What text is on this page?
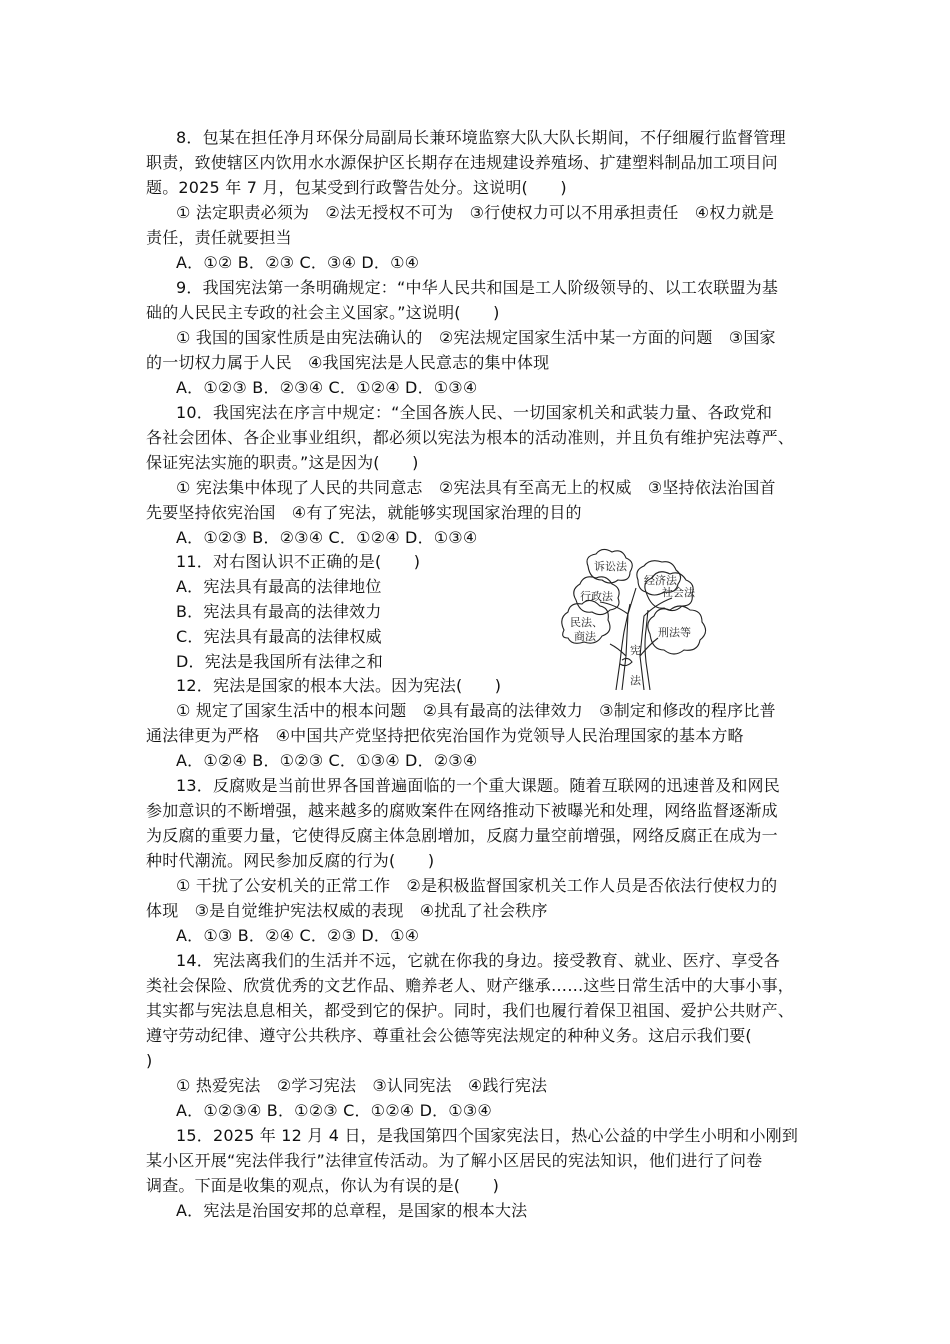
8．包某在担任净月环保分局副局长兼环境监察大队大队长期间，不仔细履行监督管理
职责，致使辖区内饮用水水源保护区长期存在违规建设养殖场、扩建塑料制品加工项目问
题。2025 年 7 月，包某受到行政警告处分。这说明(　　)
① 法定职责必须为　②法无授权不可为　③行使权力可以不用承担责任　④权力就是
责任，责任就要担当
A．①② B．②③ C．③④ D．①④
9．我国宪法第一条明确规定：“中华人民共和国是工人阶级领导的、以工农联盟为基
础的人民民主专政的社会主义国家。”这说明(　　)
① 我国的国家性质是由宪法确认的　②宪法规定国家生活中某一方面的问题　③国家
的一切权力属于人民　④我国宪法是人民意志的集中体现
A．①②③ B．②③④ C．①②④ D．①③④
10．我国宪法在序言中规定：“全国各族人民、一切国家机关和武装力量、各政党和
各社会团体、各企业事业组织，都必须以宪法为根本的活动准则，并且负有维护宪法尊严、
保证宪法实施的职责。”这是因为(　　)
① 宪法集中体现了人民的共同意志　②宪法具有至高无上的权威　③坚持依法治国首
先要坚持依宪治国　④有了宪法，就能够实现国家治理的目的
A．①②③ B．②③④ C．①②④ D．①③④
11．对右图认识不正确的是(　　)
A．宪法具有最高的法律地位
B．宪法具有最高的法律效力
C．宪法具有最高的法律权威
D．宪法是我国所有法律之和
诉讼法
经济法
行政法	社会法
民法、
商法	刑法等
宪
法
12．宪法是国家的根本大法。因为宪法(　　)
① 规定了国家生活中的根本问题　②具有最高的法律效力　③制定和修改的程序比普
通法律更为严格　④中国共产党坚持把依宪治国作为党领导人民治理国家的基本方略
A．①②④ B．①②③ C．①③④ D．②③④
13．反腐败是当前世界各国普遍面临的一个重大课题。随着互联网的迅速普及和网民
参加意识的不断增强，越来越多的腐败案件在网络推动下被曝光和处理，网络监督逐渐成
为反腐的重要力量，它使得反腐主体急剧增加，反腐力量空前增强，网络反腐正在成为一
种时代潮流。网民参加反腐的行为(　　)
① 干扰了公安机关的正常工作　②是积极监督国家机关工作人员是否依法行使权力的
体现　③是自觉维护宪法权威的表现　④扰乱了社会秩序
A．①③ B．②④ C．②③ D．①④
14．宪法离我们的生活并不远，它就在你我的身边。接受教育、就业、医疗、享受各
类社会保险、欣赏优秀的文艺作品、赡养老人、财产继承……这些日常生活中的大事小事，
其实都与宪法息息相关，都受到它的保护。同时，我们也履行着保卫祖国、爱护公共财产、
遵守劳动纪律、遵守公共秩序、尊重社会公德等宪法规定的种种义务。这启示我们要(
)
① 热爱宪法　②学习宪法　③认同宪法　④践行宪法
A．①②③④ B．①②③ C．①②④ D．①③④
15．2025 年 12 月 4 日，是我国第四个国家宪法日，热心公益的中学生小明和小刚到
某小区开展“宪法伴我行”法律宣传活动。为了解小区居民的宪法知识，他们进行了问卷
调查。下面是收集的观点，你认为有误的是(　　)
A．宪法是治国安邦的总章程，是国家的根本大法
